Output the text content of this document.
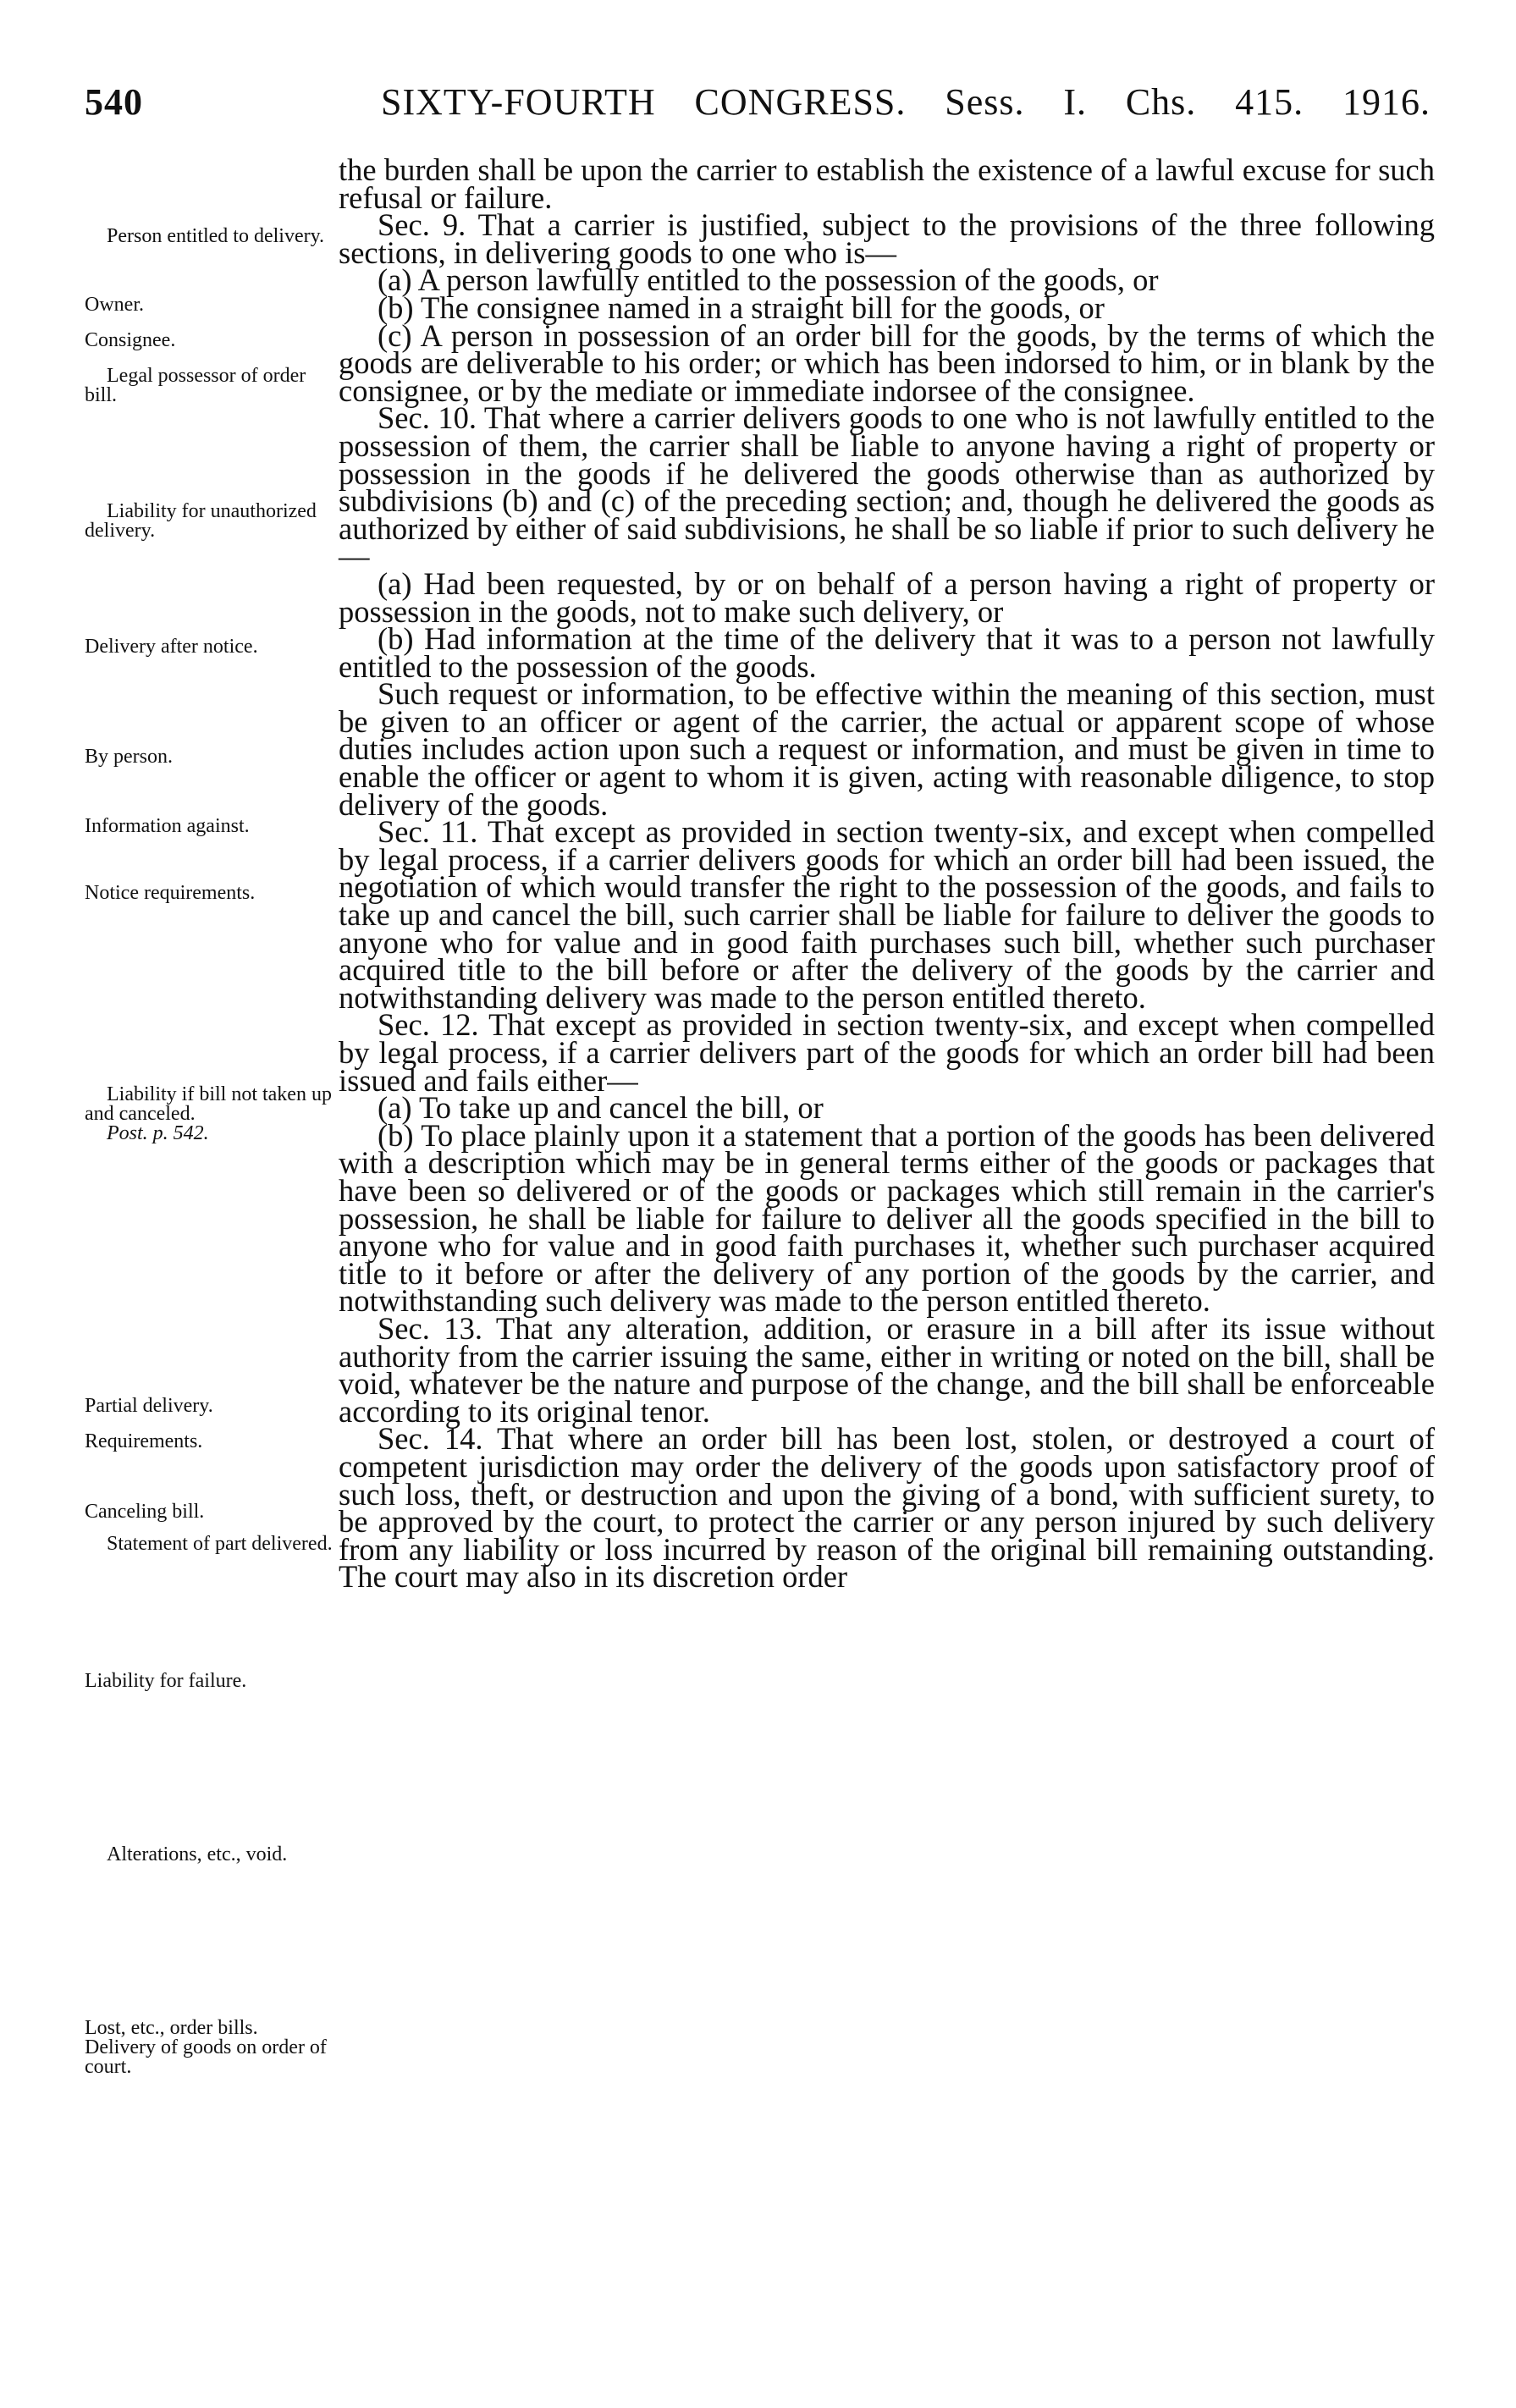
540	SIXTY-FOURTH CONGRESS. Sess. I. Chs. 415. 1916.
Person entitled to delivery.
Owner.
Consignee.
Legal possessor of order bill.
Liability for unauthorized delivery.
Delivery after notice.
By person.
Information against.
Notice requirements.
Liability if bill not taken up and canceled.
Post. p. 542.
Partial delivery.
Requirements.
Canceling bill.
Statement of part delivered.
Liability for failure.
Alterations, etc., void.
Lost, etc., order bills.
Delivery of goods on order of court.

the burden shall be upon the carrier to establish the existence of a lawful excuse for such refusal or failure.

Sec. 9. That a carrier is justified, subject to the provisions of the three following sections, in delivering goods to one who is—

(a) A person lawfully entitled to the possession of the goods, or

(b) The consignee named in a straight bill for the goods, or

(c) A person in possession of an order bill for the goods, by the terms of which the goods are deliverable to his order; or which has been indorsed to him, or in blank by the consignee, or by the mediate or immediate indorsee of the consignee.

Sec. 10. That where a carrier delivers goods to one who is not lawfully entitled to the possession of them, the carrier shall be liable to anyone having a right of property or possession in the goods if he delivered the goods otherwise than as authorized by subdivisions (b) and (c) of the preceding section; and, though he delivered the goods as authorized by either of said subdivisions, he shall be so liable if prior to such delivery he—

(a) Had been requested, by or on behalf of a person having a right of property or possession in the goods, not to make such delivery, or

(b) Had information at the time of the delivery that it was to a person not lawfully entitled to the possession of the goods.

Such request or information, to be effective within the meaning of this section, must be given to an officer or agent of the carrier, the actual or apparent scope of whose duties includes action upon such a request or information, and must be given in time to enable the officer or agent to whom it is given, acting with reasonable diligence, to stop delivery of the goods.

Sec. 11. That except as provided in section twenty-six, and except when compelled by legal process, if a carrier delivers goods for which an order bill had been issued, the negotiation of which would transfer the right to the possession of the goods, and fails to take up and cancel the bill, such carrier shall be liable for failure to deliver the goods to anyone who for value and in good faith purchases such bill, whether such purchaser acquired title to the bill before or after the delivery of the goods by the carrier and notwithstanding delivery was made to the person entitled thereto.

Sec. 12. That except as provided in section twenty-six, and except when compelled by legal process, if a carrier delivers part of the goods for which an order bill had been issued and fails either—

(a) To take up and cancel the bill, or

(b) To place plainly upon it a statement that a portion of the goods has been delivered with a description which may be in general terms either of the goods or packages that have been so delivered or of the goods or packages which still remain in the carrier's possession, he shall be liable for failure to deliver all the goods specified in the bill to anyone who for value and in good faith purchases it, whether such purchaser acquired title to it before or after the delivery of any portion of the goods by the carrier, and notwithstanding such delivery was made to the person entitled thereto.

Sec. 13. That any alteration, addition, or erasure in a bill after its issue without authority from the carrier issuing the same, either in writing or noted on the bill, shall be void, whatever be the nature and purpose of the change, and the bill shall be enforceable according to its original tenor.

Sec. 14. That where an order bill has been lost, stolen, or destroyed a court of competent jurisdiction may order the delivery of the goods upon satisfactory proof of such loss, theft, or destruction and upon the giving of a bond, with sufficient surety, to be approved by the court, to protect the carrier or any person injured by such delivery from any liability or loss incurred by reason of the original bill remaining outstanding. The court may also in its discretion order
